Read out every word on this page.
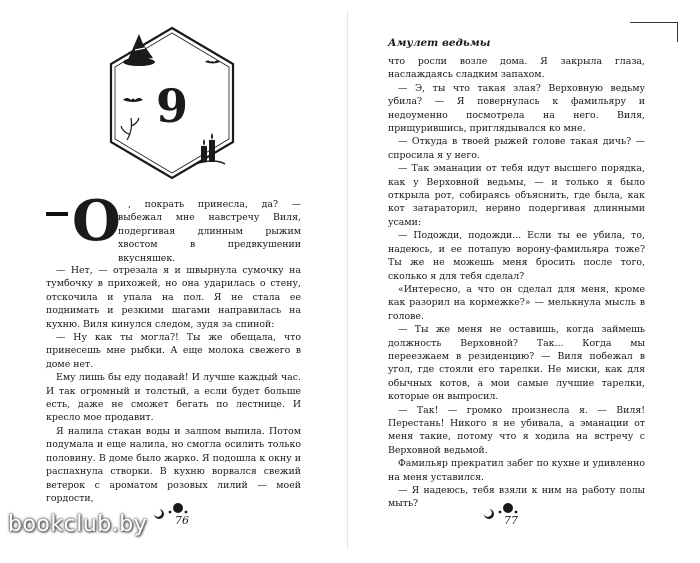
Амулет ведьмы
9
О , пократь принесла, да? — выбежал мне навстречу Виля, подергивая длинным рыжим хвостом в предвкушении вкусняшек.

— Нет, — отрезала я и швырнула сумочку на тумбочку в прихожей, но она ударилась о стену, отскочила и упала на пол. Я не стала ее поднимать и резкими шагами направилась на кухню. Виля кинулся следом, зудя за спиной:

— Ну как ты могла?! Ты же обещала, что принесешь мне рыбки. А еще молока свежего в доме нет.

Ему лишь бы еду подавай! И лучше каждый час. И так огромный и толстый, а если будет больше есть, даже не сможет бегать по лестнице. И кресло мое продавит.

Я налила стакан воды и залпом выпила. Потом подумала и еще налила, но смогла осилить только половину. В доме было жарко. Я подошла к окну и распахнула створки. В кухню ворвался свежий ветерок с ароматом розовых лилий — моей гордости,

что росли возле дома. Я закрыла глаза, наслаждаясь сладким запахом.

— Э, ты что такая злая? Верховную ведьму убила? — Я повернулась к фамильяру и недоуменно посмотрела на него. Виля, прищурившись, приглядывался ко мне.

— Откуда в твоей рыжей голове такая дичь? — спросила я у него.

— Так эманации от тебя идут высшего порядка, как у Верховной ведьмы, — и только я было открыла рот, собираясь объяснить, где была, как кот затараторил, нервно подергивая длинными усами:

— Подожди, подожди... Если ты ее убила, то, надеюсь, и ее потапую ворону-фамильяра тоже? Ты же не можешь меня бросить после того, сколько я для тебя сделал?

«Интересно, а что он сделал для меня, кроме как разорил на кормежке?» — мелькнула мысль в голове.

— Ты же меня не оставишь, когда займешь должность Верховной? Так... Когда мы переезжаем в резиденцию? — Виля побежал в угол, где стояли его тарелки. Не миски, как для обычных котов, а мои самые лучшие тарелки, которые он выпросил.

— Так! — громко произнесла я. — Виля! Перестань! Никого я не убивала, а эманации от меня такие, потому что я ходила на встречу с Верховной ведьмой.

Фамильяр прекратил забег по кухне и удивленно на меня уставился.

— Я надеюсь, тебя взяли к ним на работу полы мыть?

76	77
bookclub.by
